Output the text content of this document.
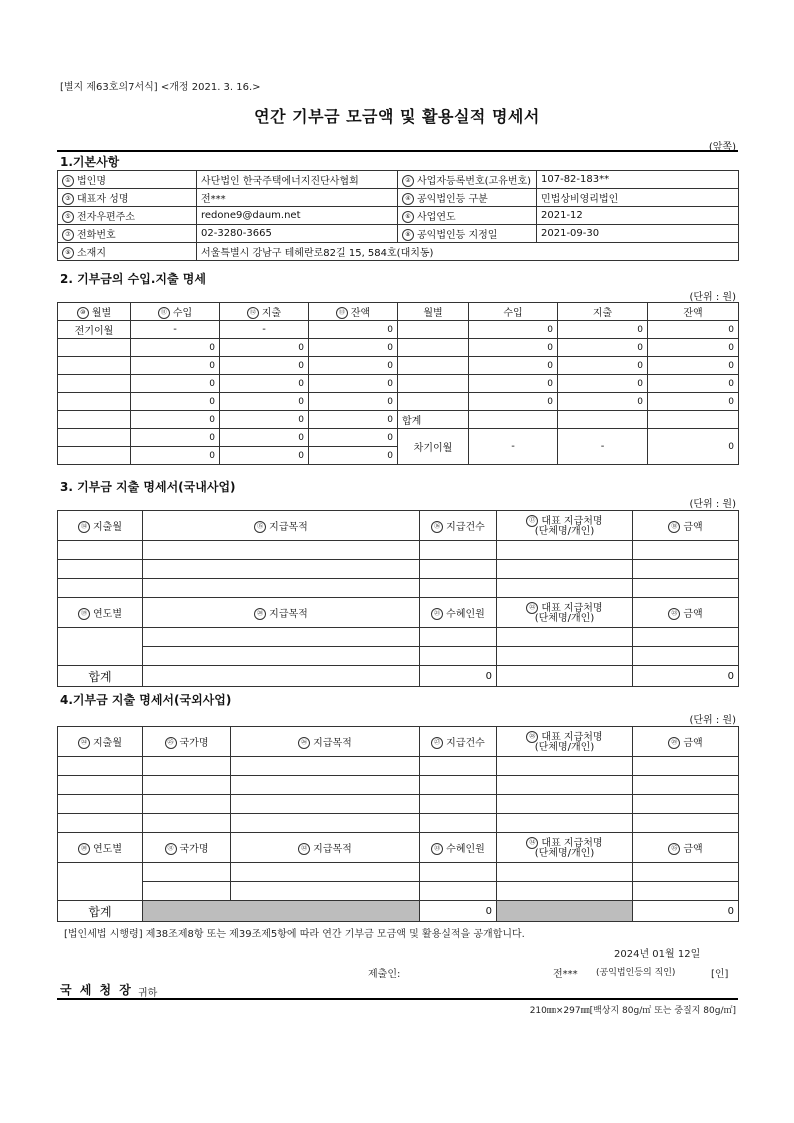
[별지 제63호의7서식] <개정 2021. 3. 16.>
연간 기부금 모금액 및 활용실적 명세서
(앞쪽)
1.기본사항
① 법인명	사단법인 한국주택에너지진단사협회	② 사업자등록번호(고유번호)	107-82-183**
③ 대표자 성명	전***	④ 공익법인등 구분	민법상비영리법인
⑤ 전자우편주소	redone9@daum.net	⑥ 사업연도	2021-12
⑦ 전화번호	02-3280-3665	⑧ 공익법인등 지정일	2021-09-30
⑨ 소재지	서울특별시 강남구 테헤란로82길 15, 584호(대치동)		
2. 기부금의 수입.지출 명세
(단위 : 원)
⑩ 월별	⑪ 수입	⑫ 지출	⑬ 잔액	월별	수입	지출	잔액
전기이월	-	-	0		0	0	0
	0	0	0		0	0	0
	0	0	0		0	0	0
	0	0	0		0	0	0
	0	0	0		0	0	0
	0	0	0	합계			
	0	0	0	차기이월	-	-	0
	0	0	0				
3. 기부금 지출 명세서(국내사업)
(단위 : 원)
⑭ 지출월	⑮ 지급목적	⑯ 지급건수	⑰ 대표 지급처명
(단체명/개인)	⑱ 금액

⑲ 연도별	⑳ 지급목적	㉑ 수혜인원	㉒ 대표 지급처명
(단체명/개인)	㉓ 금액

합계		0		0
4.기부금 지출 명세서(국외사업)
(단위 : 원)
㉔ 지출월	㉕ 국가명	㉖ 지급목적	㉗ 지급건수	㉘ 대표 지급처명
(단체명/개인)	㉙ 금액

㉚ 연도별	㉛ 국가명	㉜ 지급목적	㉝ 수혜인원	㉞ 대표 지급처명
(단체명/개인)	㉟ 금액

합계			0		0
[법인세법 시행령] 제38조제8항 또는 제39조제5항에 따라 연간 기부금 모금액 및 활용실적을 공개합니다.
2024년 01월 12일
제출인:	전*** (공익법인등의 직인)	[인]
국 세 청 장 귀하
210㎜×297㎜[백상지 80g/㎡ 또는 중질지 80g/㎡]
